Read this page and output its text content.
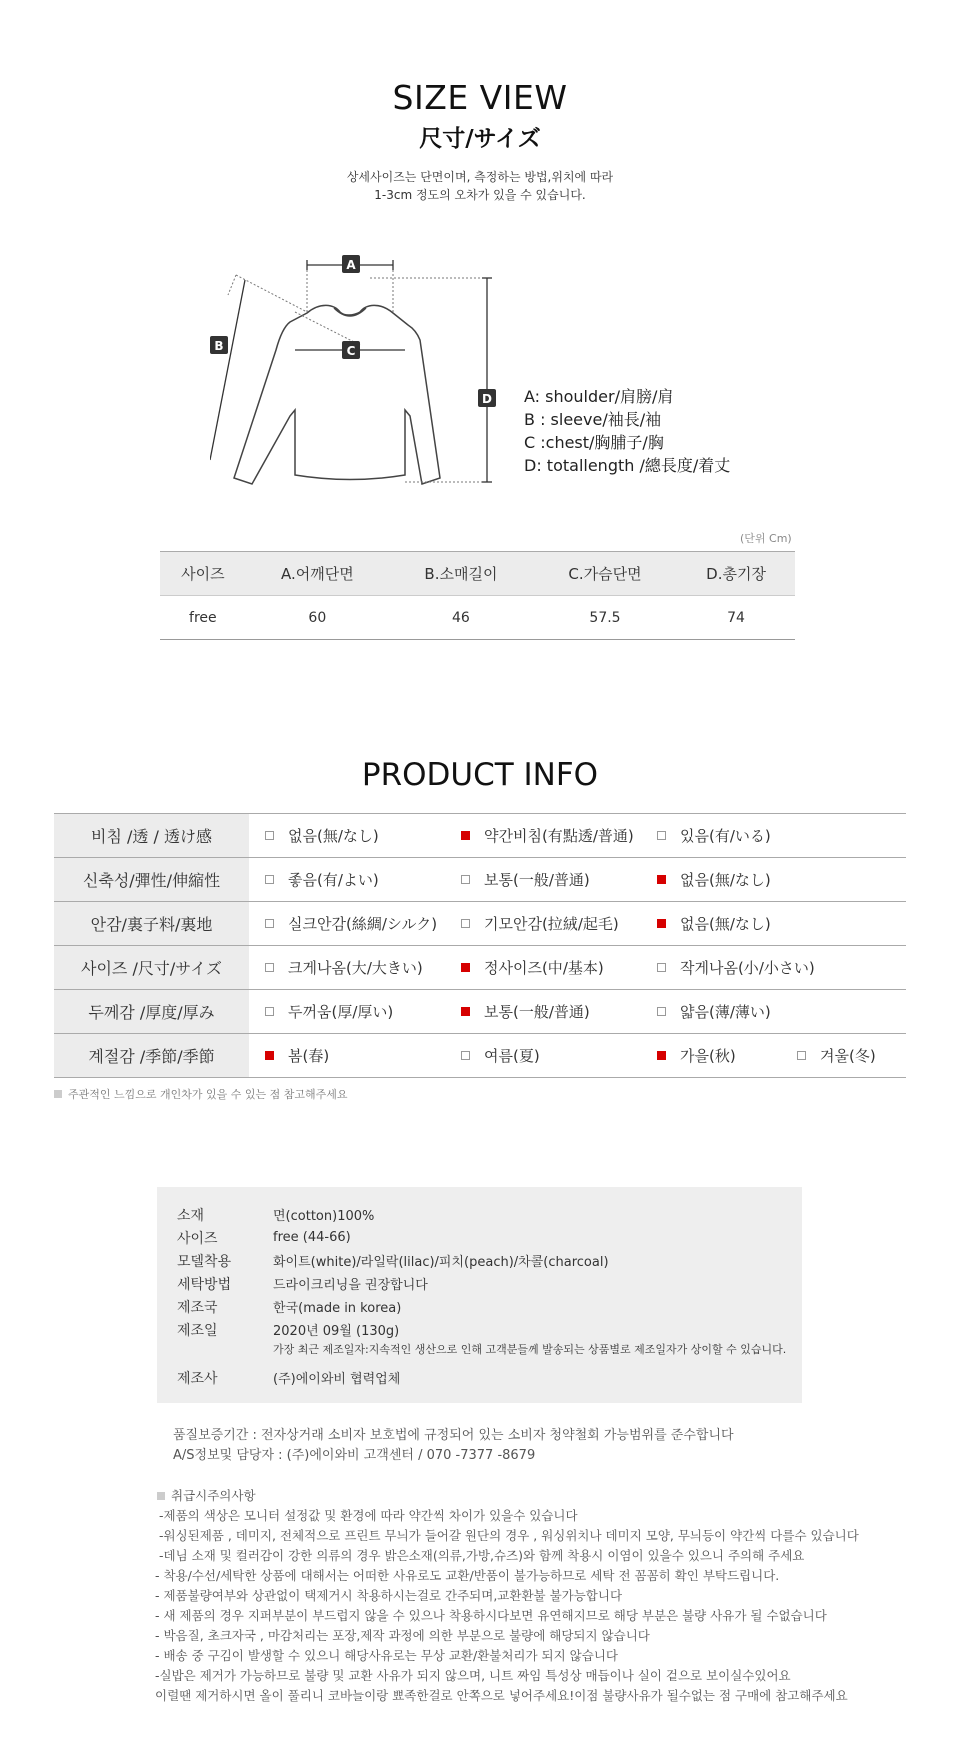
SIZE VIEW
尺寸/サイズ
상세사이즈는 단면이며, 측정하는 방법,위치에 따라
1-3cm 정도의 오차가 있을 수 있습니다.
A
B	C
D A: shoulder/肩膀/肩
B : sleeve/袖長/袖
C :chest/胸脯子/胸
D: totallength /總長度/着丈
(단위 Cm)
사이즈	A.어깨단면	B.소매길이	C.가슴단면	D.총기장
free	60	46	57.5	74
PRODUCT INFO
비침 /透 / 透け感	없음(無/なし)	약간비침(有點透/普通)	있음(有/いる)	
신축성/彈性/伸縮性	좋음(有/よい)	보통(一般/普通)	없음(無/なし)	
안감/裏子料/裏地	실크안감(絲綢/シルク)	기모안감(拉絨/起毛)	없음(無/なし)	
사이즈 /尺寸/サイズ	크게나옴(大/大きい)	정사이즈(中/基本)	작게나옴(小/小さい)	
두께감 /厚度/厚み	두꺼움(厚/厚い)	보통(一般/普通)	얇음(薄/薄い)	
계절감 /季節/季節	봄(春)	여름(夏)	가을(秋)	겨울(冬)
주관적인 느낌으로 개인차가 있을 수 있는 점 참고해주세요
소재	면(cotton)100%
사이즈	free (44-66)
모델착용	화이트(white)/라일락(lilac)/피치(peach)/차콜(charcoal)
세탁방법	드라이크리닝을 권장합니다
제조국	한국(made in korea)
제조일	2020년 09월 (130g)
가장 최근 제조일자:지속적인 생산으로 인해 고객분들께 발송되는 상품별로 제조일자가 상이할 수 있습니다.
제조사	(주)에이와비 협력업체
품질보증기간 : 전자상거래 소비자 보호법에 규정되어 있는 소비자 청약철회 가능범위를 준수합니다
A/S정보및 담당자 : (주)에이와비 고객센터 / 070 -7377 -8679
취급시주의사항
-제품의 색상은 모니터 설정값 및 환경에 따라 약간씩 차이가 있을수 있습니다
-워싱된제품 , 데미지, 전체적으로 프린트 무늬가 들어갈 원단의 경우 , 워싱위치나 데미지 모양, 무늬등이 약간씩 다를수 있습니다
-데님 소재 및 컬러감이 강한 의류의 경우 밝은소재(의류,가방,슈즈)와 함께 착용시 이염이 있을수 있으니 주의해 주세요
- 착용/수선/세탁한 상품에 대해서는 어떠한 사유로도 교환/반품이 불가능하므로 세탁 전 꼼꼼히 확인 부탁드립니다.
- 제품불량여부와 상관없이 택제거시 착용하시는걸로 간주되며,교환환불 불가능합니다
- 새 제품의 경우 지퍼부분이 부드럽지 않을 수 있으나 착용하시다보면 유연해지므로 해당 부분은 불량 사유가 될 수없습니다
- 박음질, 초크자국 , 마감처리는 포장,제작 과정에 의한 부분으로 불량에 해당되지 않습니다
- 배송 중 구김이 발생할 수 있으니 해당사유로는 무상 교환/환불처리가 되지 않습니다
-실밥은 제거가 가능하므로 불량 및 교환 사유가 되지 않으며, 니트 짜임 특성상 매듭이나 실이 겉으로 보이실수있어요
이럴땐 제거하시면 올이 풀리니 코바늘이랑 뾰족한걸로 안쪽으로 넣어주세요!이점 불량사유가 될수없는 점 구매에 참고해주세요
